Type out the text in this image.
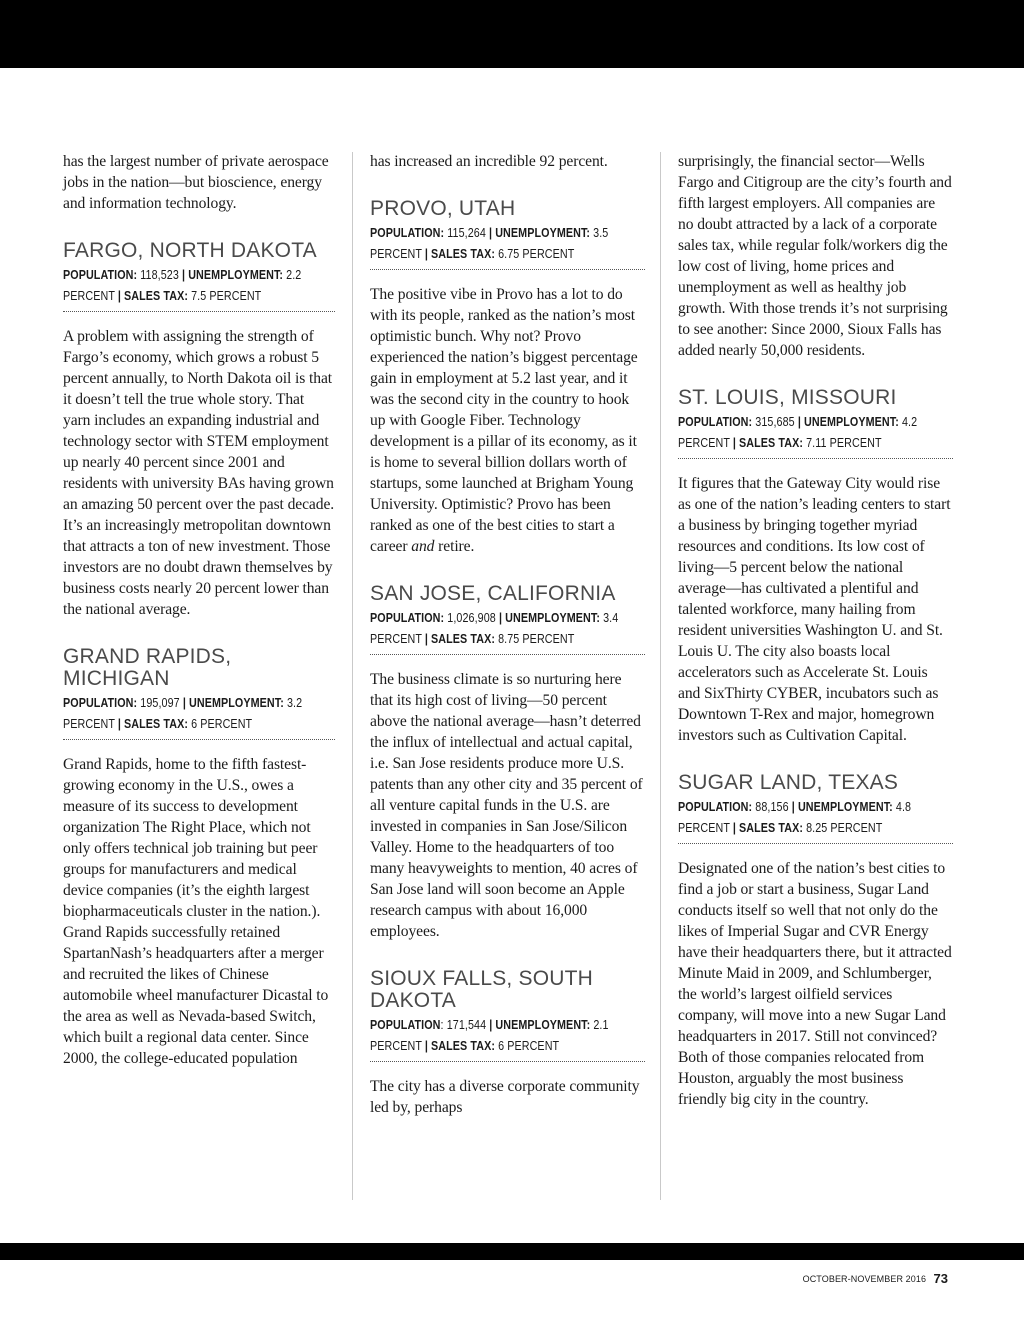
has the largest number of private aerospace jobs in the nation—but bioscience, energy and information technology.

FARGO, NORTH DAKOTA
POPULATION: 118,523 | UNEMPLOYMENT: 2.2 PERCENT | SALES TAX: 7.5 PERCENT

A problem with assigning the strength of Fargo’s economy, which grows a robust 5 percent annually, to North Dakota oil is that it doesn’t tell the true whole story. That yarn includes an expanding industrial and technology sector with STEM employment up nearly 40 percent since 2001 and residents with university BAs having grown an amazing 50 percent over the past decade. It’s an increasingly metropolitan downtown that attracts a ton of new investment. Those investors are no doubt drawn themselves by business costs nearly 20 percent lower than the national average.

GRAND RAPIDS, MICHIGAN
POPULATION: 195,097 | UNEMPLOYMENT: 3.2 PERCENT | SALES TAX: 6 PERCENT

Grand Rapids, home to the fifth fastest-growing economy in the U.S., owes a measure of its success to development organization The Right Place, which not only offers technical job training but peer groups for manufacturers and medical device companies (it’s the eighth largest biopharmaceuticals cluster in the nation.). Grand Rapids successfully retained SpartanNash’s headquarters after a merger and recruited the likes of Chinese automobile wheel manufacturer Dicastal to the area as well as Nevada-based Switch, which built a regional data center. Since 2000, the college-educated population

has increased an incredible 92 percent.

PROVO, UTAH
POPULATION: 115,264 | UNEMPLOYMENT: 3.5 PERCENT | SALES TAX: 6.75 PERCENT

The positive vibe in Provo has a lot to do with its people, ranked as the nation’s most optimistic bunch. Why not? Provo experienced the nation’s biggest percentage gain in employment at 5.2 last year, and it was the second city in the country to hook up with Google Fiber. Technology development is a pillar of its economy, as it is home to several billion dollars worth of startups, some launched at Brigham Young University. Optimistic? Provo has been ranked as one of the best cities to start a career and retire.

SAN JOSE, CALIFORNIA
POPULATION: 1,026,908 | UNEMPLOYMENT: 3.4 PERCENT | SALES TAX: 8.75 PERCENT

The business climate is so nurturing here that its high cost of living—50 percent above the national average—hasn’t deterred the influx of intellectual and actual capital, i.e. San Jose residents produce more U.S. patents than any other city and 35 percent of all venture capital funds in the U.S. are invested in companies in San Jose/Silicon Valley. Home to the headquarters of too many heavyweights to mention, 40 acres of San Jose land will soon become an Apple research campus with about 16,000 employees.

SIOUX FALLS, SOUTH DAKOTA
POPULATION: 171,544 | UNEMPLOYMENT: 2.1 PERCENT | SALES TAX: 6 PERCENT

The city has a diverse corporate community led by, perhaps

surprisingly, the financial sector—Wells Fargo and Citigroup are the city’s fourth and fifth largest employers. All companies are no doubt attracted by a lack of a corporate sales tax, while regular folk/workers dig the low cost of living, home prices and unemployment as well as healthy job growth. With those trends it’s not surprising to see another: Since 2000, Sioux Falls has added nearly 50,000 residents.

ST. LOUIS, MISSOURI
POPULATION: 315,685 | UNEMPLOYMENT: 4.2 PERCENT | SALES TAX: 7.11 PERCENT

It figures that the Gateway City would rise as one of the nation’s leading centers to start a business by bringing together myriad resources and conditions. Its low cost of living—5 percent below the national average—has cultivated a plentiful and talented workforce, many hailing from resident universities Washington U. and St. Louis U. The city also boasts local accelerators such as Accelerate St. Louis and SixThirty CYBER, incubators such as Downtown T-Rex and major, homegrown investors such as Cultivation Capital.

SUGAR LAND, TEXAS
POPULATION: 88,156 | UNEMPLOYMENT: 4.8 PERCENT | SALES TAX: 8.25 PERCENT

Designated one of the nation’s best cities to find a job or start a business, Sugar Land conducts itself so well that not only do the likes of Imperial Sugar and CVR Energy have their headquarters there, but it attracted Minute Maid in 2009, and Schlumberger, the world’s largest oilfield services company, will move into a new Sugar Land headquarters in 2017. Still not convinced? Both of those companies relocated from Houston, arguably the most business friendly big city in the country.

OCTOBER-NOVEMBER 2016 73
